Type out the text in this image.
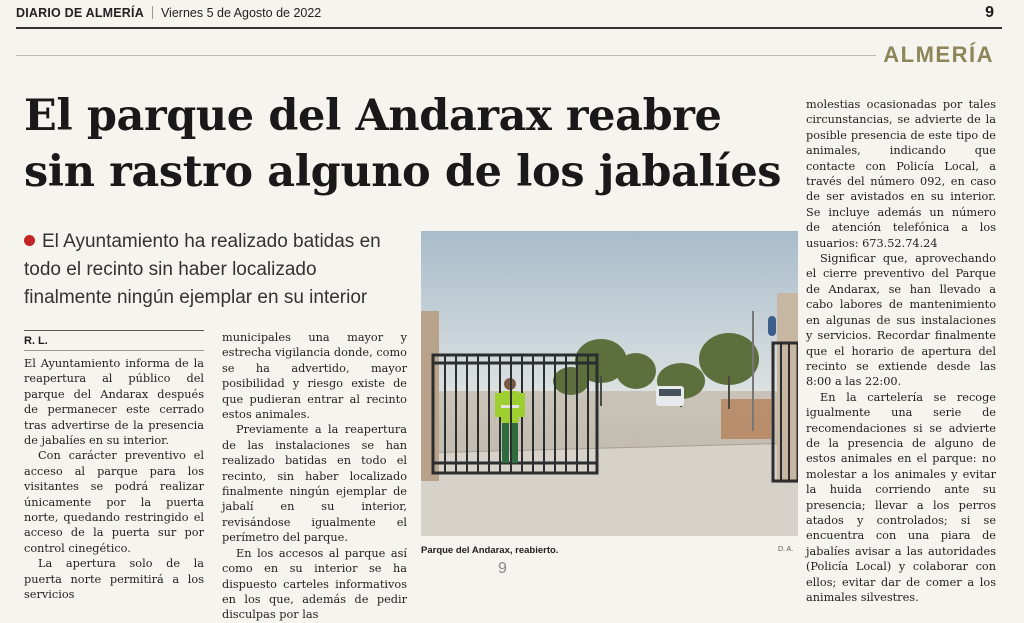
DIARIO DE ALMERÍA Viernes 5 de Agosto de 2022	9
ALMERÍA
El parque del Andarax reabre sin rastro alguno de los jabalíes

El Ayuntamiento ha realizado batidas en todo el recinto sin haber localizado finalmente ningún ejemplar en su interior

R. L.

El Ayuntamiento informa de la reapertura al público del parque del Andarax después de permanecer este cerrado tras advertirse de la presencia de jabalíes en su interior.

Con carácter preventivo el acceso al parque para los visitantes se podrá realizar únicamente por la puerta norte, quedando restringido el acceso de la puerta sur por control cinegético.

La apertura solo de la puerta norte permitirá a los servicios

municipales una mayor y estrecha vigilancia donde, como se ha advertido, mayor posibilidad y riesgo existe de que pudieran entrar al recinto estos animales.

Previamente a la reapertura de las instalaciones se han realizado batidas en todo el recinto, sin haber localizado finalmente ningún ejemplar de jabalí en su interior, revisándose igualmente el perímetro del parque.

En los accesos al parque así como en su interior se ha dispuesto carteles informativos en los que, además de pedir disculpas por las

molestias ocasionadas por tales circunstancias, se advierte de la posible presencia de este tipo de animales, indicando que contacte con Policía Local, a través del número 092, en caso de ser avistados en su interior. Se incluye además un número de atención telefónica a los usuarios: 673.52.74.24

Significar que, aprovechando el cierre preventivo del Parque de Andarax, se han llevado a cabo labores de mantenimiento en algunas de sus instalaciones y servicios. Recordar finalmente que el horario de apertura del recinto se extiende desde las 8:00 a las 22:00.

En la cartelería se recoge igualmente una serie de recomendaciones si se advierte de la presencia de alguno de estos animales en el parque: no molestar a los animales y evitar la huida corriendo ante su presencia; llevar a los perros atados y controlados; si se encuentra con una piara de jabalíes avisar a las autoridades (Policía Local) y colaborar con ellos; evitar dar de comer a los animales silvestres.

Parque del Andarax, reabierto.	D. A.
9
